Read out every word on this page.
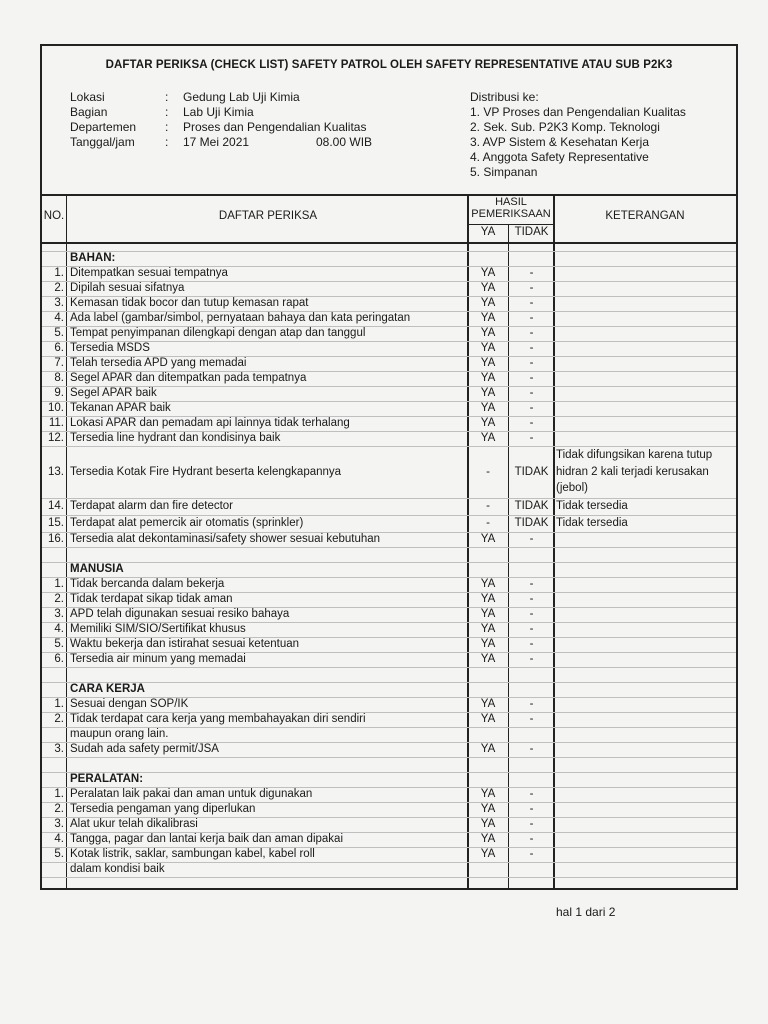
DAFTAR PERIKSA (CHECK LIST) SAFETY PATROL OLEH SAFETY REPRESENTATIVE ATAU SUB P2K3
Lokasi	: Gedung Lab Uji Kimia
Bagian	: Lab Uji Kimia
Departemen : Proses dan Pengendalian Kualitas
Tanggal/jam	: 17 Mei 2021	08.00 WIB
Distribusi ke:
1. VP Proses dan Pengendalian Kualitas
2. Sek. Sub. P2K3 Komp. Teknologi
3. AVP Sistem & Kesehatan Kerja
4. Anggota Safety Representative
5. Simpanan
NO.	DAFTAR PERIKSA
HASIL
PEMERIKSAAN
YA	TIDAK
KETERANGAN
BAHAN:
1. Ditempatkan sesuai tempatnya	YA	-
2. Dipilah sesuai sifatnya	YA	-
3. Kemasan tidak bocor dan tutup kemasan rapat	YA	-
4. Ada label (gambar/simbol, pernyataan bahaya dan kata peringatan	YA	-
5. Tempat penyimpanan dilengkapi dengan atap dan tanggul	YA	-
6. Tersedia MSDS	YA	-
7. Telah tersedia APD yang memadai	YA	-
8. Segel APAR dan ditempatkan pada tempatnya	YA	-
9. Segel APAR baik	YA	-
10. Tekanan APAR baik	YA	-
11. Lokasi APAR dan pemadam api lainnya tidak terhalang	YA	-
12. Tersedia line hydrant dan kondisinya baik	YA	-
13. Tersedia Kotak Fire Hydrant beserta kelengkapannya	-	TIDAK
Tidak difungsikan karena tutup hidran 2 kali terjadi kerusakan (jebol)
14. Terdapat alarm dan fire detector	-	TIDAK Tidak tersedia
15. Terdapat alat pemercik air otomatis (sprinkler)	-	TIDAK Tidak tersedia
16. Tersedia alat dekontaminasi/safety shower sesuai kebutuhan	YA	-
MANUSIA
1. Tidak bercanda dalam bekerja	YA	-
2. Tidak terdapat sikap tidak aman	YA	-
3. APD telah digunakan sesuai resiko bahaya	YA	-
4. Memiliki SIM/SIO/Sertifikat khusus	YA	-
5. Waktu bekerja dan istirahat sesuai ketentuan	YA	-
6. Tersedia air minum yang memadai	YA	-
CARA KERJA
1. Sesuai dengan SOP/IK	YA	-
2. Tidak terdapat cara kerja yang membahayakan diri sendiri	YA	-
maupun orang lain.
3. Sudah ada safety permit/JSA	YA	-
PERALATAN:
1. Peralatan laik pakai dan aman untuk digunakan	YA	-
2. Tersedia pengaman yang diperlukan	YA	-
3. Alat ukur telah dikalibrasi	YA	-
4. Tangga, pagar dan lantai kerja baik dan aman dipakai	YA	-
5. Kotak listrik, saklar, sambungan kabel, kabel roll	YA	-
dalam kondisi baik
hal 1 dari 2
